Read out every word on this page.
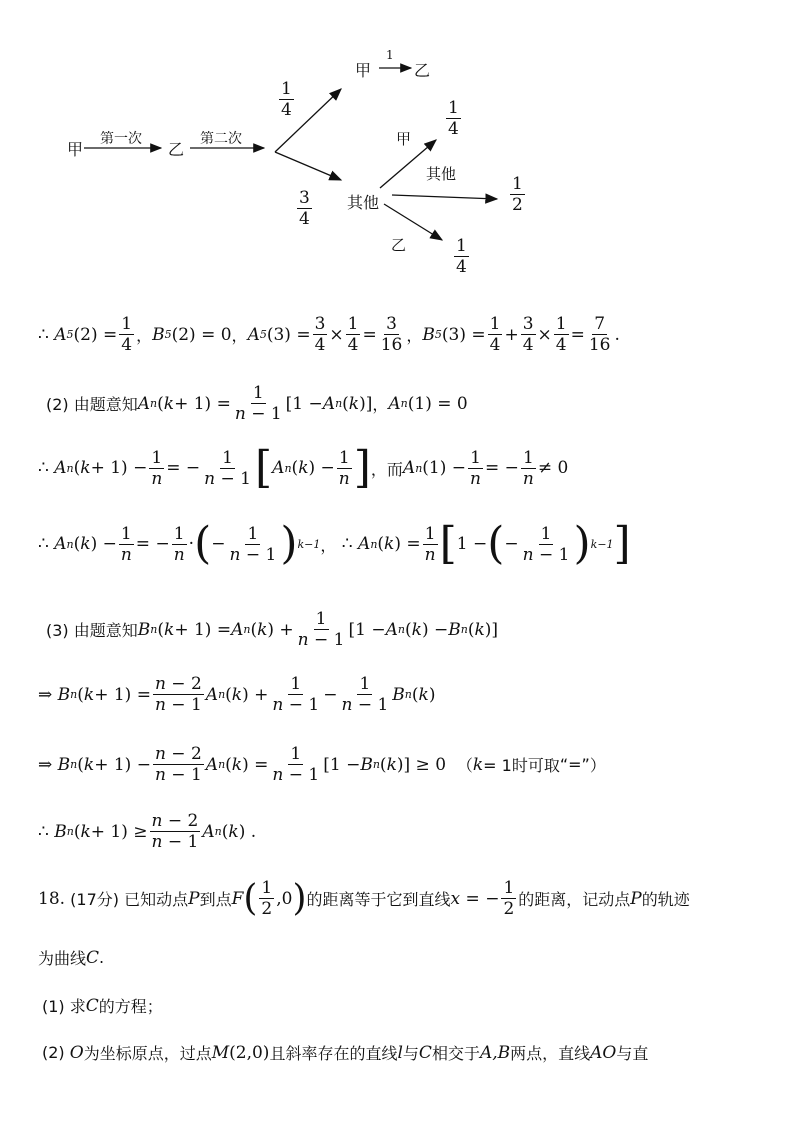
甲
第一次
乙
第二次
甲
1
乙
$\frac{1}{4}$
$\frac{3}{4}$ 其他
甲
其他
乙
$\frac{1}{4}$
$\frac{1}{2}$
$\frac{1}{4}$
∴
A 5 $(2) = \frac{1}{4}$ ， B 5 (2) = 0 ， A 5 $(3) = \frac{3}{4} \times \frac{1}{4} = \frac{3}{16}$ ， B 5 $(3) = \frac{1}{4} + \frac{3}{4} \times \frac{1}{4} = \frac{7}{16}$ .
(2) 由题意知 A n ( $k + 1) = \frac{1}{n - 1} [1 - A$ n ( k )] ， A n (1) = 0
∴
A n ( $k + 1) - \frac{1}{n}$ = − $\frac{1}{n - 1}$ [ A n ( k ) − $\frac{1}{n}$ ] ，而 A n $(1) - \frac{1}{n}$ = − $\frac{1}{n} \ne 0$
∴
A n ( k ) − $\frac{1}{n}$ = − $\frac{1}{n}$ · ( − $\frac{1}{n - 1}$ ) k−1 ，
∴
A n ( k ) = $\frac{1}{n}$ [ 1 − ( − $\frac{1}{n - 1}$ ) k−1 ]
(3) 由题意知 B n ( k + 1) = A n ( k ) + $\frac{1}{n - 1} [1 - A$ n ( k ) − B n ( k )]
⇒
B n ( $k + 1) = \frac{n - 2}{n - 1}$ A n ( k ) + $\frac{1}{n - 1} - \frac{1}{n - 1}$ B n ( k )
⇒
B n ( $k + 1) - \frac{n - 2}{n - 1}$ A n ( k ) = $\frac{1}{n - 1} [1 - B$ n ( k )] ≥ 0 （ k = 1时可取 “=” ）
∴
B n ( $k + 1) \ge \frac{n - 2}{n - 1}$ A n ( k ) .
18.
(17分)
已知动点 P 到点 F ( $\frac{1}{2} ,0$ ) 的距离等于它到直线 x = − $\frac{1}{2}$ 的距离，记动点 P 的轨迹
为曲线 C .
(1) 求 C 的方程；
(2)
O 为坐标原点，过点 M (2,0) 且斜率存在的直线 l 与 C 相交于 A,B 两点，直线 AO 与直
